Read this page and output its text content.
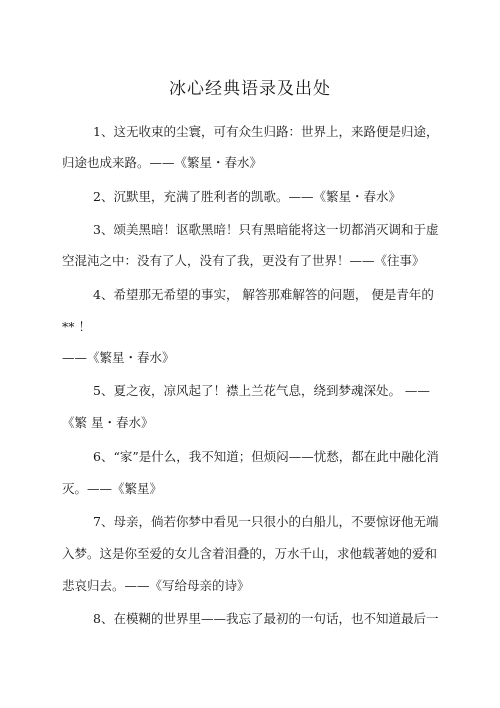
冰心经典语录及出处
1、这无收束的尘寰，可有众生归路：世界上，来路便是归途，
归途也成来路。——《繁星・春水》
2、沉默里，充满了胜利者的凯歌。——《繁星・春水》
3、颂美黑暗！讴歌黑暗！只有黑暗能将这一切都消灭调和于虚
空混沌之中：没有了人，没有了我，更没有了世界！——《往事》
4、希望那无希望的事实， 解答那难解答的问题， 便是青年的
** ！
——《繁星・春水》
5、夏之夜，凉风起了！襟上兰花气息，绕到梦魂深处。 ——
《繁 星・春水》
6、“家”是什么，我不知道；但烦闷——忧愁，都在此中融化消
灭。——《繁星》
7、母亲，倘若你梦中看见一只很小的白船儿，不要惊讶他无端
入梦。这是你至爱的女儿含着泪叠的，万水千山，求他载著她的爱和
悲哀归去。——《写给母亲的诗》
8、在模糊的世界里——我忘了最初的一句话，也不知道最后一
